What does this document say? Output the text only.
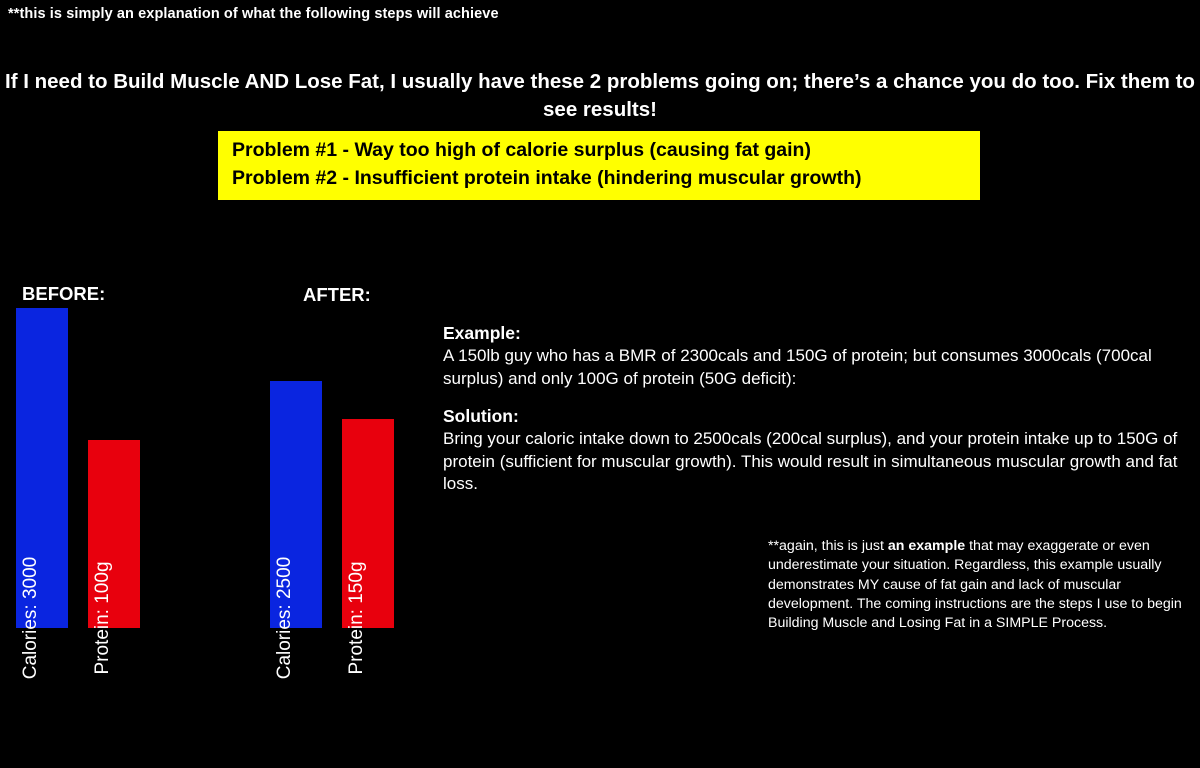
**this is simply an explanation of what the following steps will achieve
If I need to Build Muscle AND Lose Fat, I usually have these 2 problems going on; there’s a chance you do too. Fix them to see results!
Problem #1 - Way too high of calorie surplus (causing fat gain)
Problem #2 - Insufficient protein intake (hindering muscular growth)
BEFORE:	AFTER:
Calories: 3000	Protein: 100g	Calories: 2500	Protein: 150g

Example:

A 150lb guy who has a BMR of 2300cals and 150G of protein; but consumes 3000cals (700cal surplus) and only 100G of protein (50G deficit):

Solution:

Bring your caloric intake down to 2500cals (200cal surplus), and your protein intake up to 150G of protein (sufficient for muscular growth). This would result in simultaneous muscular growth and fat loss.

**again, this is just an example that may exaggerate or even underestimate your situation. Regardless, this example usually demonstrates MY cause of fat gain and lack of muscular development. The coming instructions are the steps I use to begin Building Muscle and Losing Fat in a SIMPLE Process.
